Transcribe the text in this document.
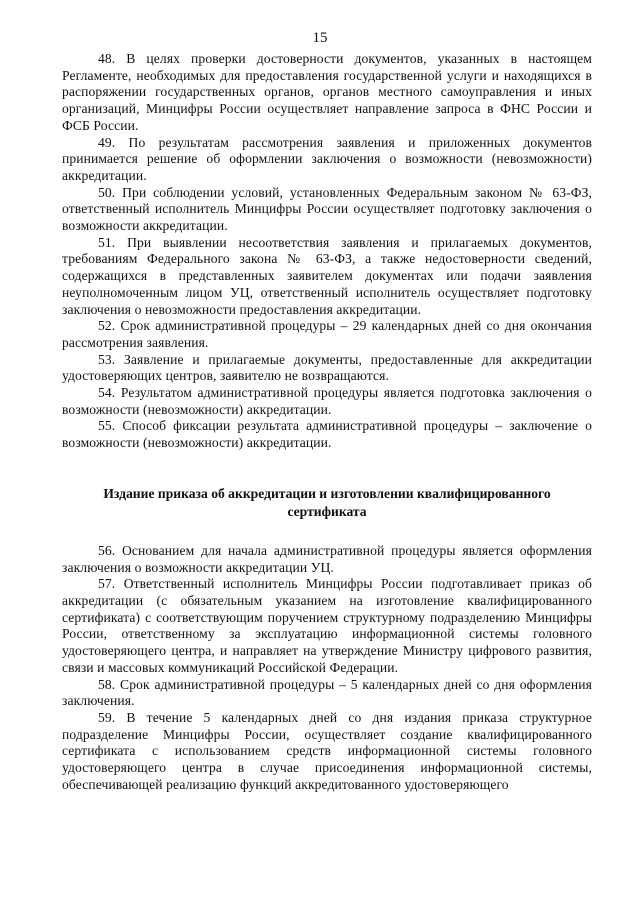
15

48. В целях проверки достоверности документов, указанных в настоящем Регламенте, необходимых для предоставления государственной услуги и находящихся в распоряжении государственных органов, органов местного самоуправления и иных организаций, Минцифры России осуществляет направление запроса в ФНС России и ФСБ России.

49. По результатам рассмотрения заявления и приложенных документов принимается решение об оформлении заключения о возможности (невозможности) аккредитации.

50. При соблюдении условий, установленных Федеральным законом № 63-ФЗ, ответственный исполнитель Минцифры России осуществляет подготовку заключения о возможности аккредитации.

51. При выявлении несоответствия заявления и прилагаемых документов, требованиям Федерального закона № 63-ФЗ, а также недостоверности сведений, содержащихся в представленных заявителем документах или подачи заявления неуполномоченным лицом УЦ, ответственный исполнитель осуществляет подготовку заключения о невозможности предоставления аккредитации.

52. Срок административной процедуры – 29 календарных дней со дня окончания рассмотрения заявления.

53. Заявление и прилагаемые документы, предоставленные для аккредитации удостоверяющих центров, заявителю не возвращаются.

54. Результатом административной процедуры является подготовка заключения о возможности (невозможности) аккредитации.

55. Способ фиксации результата административной процедуры – заключение о возможности (невозможности) аккредитации.

Издание приказа об аккредитации и изготовлении квалифицированного сертификата

56. Основанием для начала административной процедуры является оформления заключения о возможности аккредитации УЦ.

57. Ответственный исполнитель Минцифры России подготавливает приказ об аккредитации (с обязательным указанием на изготовление квалифицированного сертификата) с соответствующим поручением структурному подразделению Минцифры России, ответственному за эксплуатацию информационной системы головного удостоверяющего центра, и направляет на утверждение Министру цифрового развития, связи и массовых коммуникаций Российской Федерации.

58. Срок административной процедуры – 5 календарных дней со дня оформления заключения.

59. В течение 5 календарных дней со дня издания приказа структурное подразделение Минцифры России, осуществляет создание квалифицированного сертификата с использованием средств информационной системы головного удостоверяющего центра в случае присоединения информационной системы, обеспечивающей реализацию функций аккредитованного удостоверяющего
